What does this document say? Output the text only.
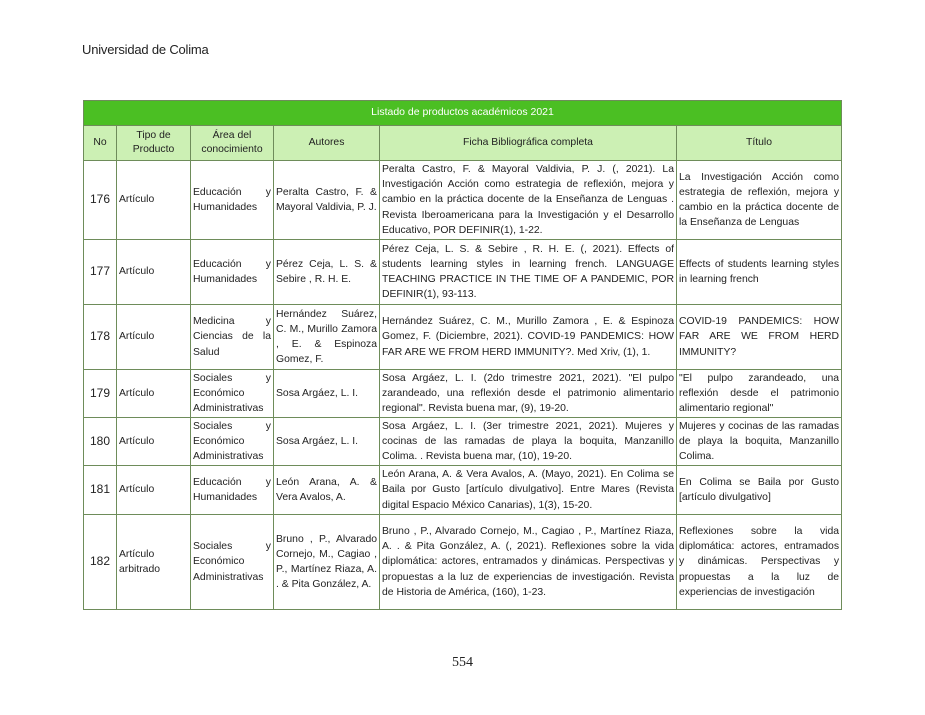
Universidad de Colima
Listado de productos académicos 2021					
No	Tipo de Producto	Área del conocimiento	Autores	Ficha Bibliográfica completa	Título
176	Artículo	Educación y Humanidades	Peralta Castro, F. & Mayoral Valdivia, P. J.	Peralta Castro, F. & Mayoral Valdivia, P. J. (, 2021). La Investigación Acción como estrategia de reflexión, mejora y cambio en la práctica docente de la Enseñanza de Lenguas . Revista Iberoamericana para la Investigación y el Desarrollo Educativo, POR DEFINIR(1), 1-22.	La Investigación Acción como estrategia de reflexión, mejora y cambio en la práctica docente de la Enseñanza de Lenguas
177	Artículo	Educación y Humanidades	Pérez Ceja, L. S. & Sebire , R. H. E.	Pérez Ceja, L. S. & Sebire , R. H. E. (, 2021). Effects of students learning styles in learning french. LANGUAGE TEACHING PRACTICE IN THE TIME OF A PANDEMIC, POR DEFINIR(1), 93-113.	Effects of students learning styles in learning french
178	Artículo	Medicina y Ciencias de la Salud	Hernández Suárez, C. M., Murillo Zamora , E. & Espinoza Gomez, F.	Hernández Suárez, C. M., Murillo Zamora , E. & Espinoza Gomez, F. (Diciembre, 2021). COVID-19 PANDEMICS: HOW FAR ARE WE FROM HERD IMMUNITY?. Med Xriv, (1), 1.	COVID-19 PANDEMICS: HOW FAR ARE WE FROM HERD IMMUNITY?
179	Artículo	Sociales y Económico Administrativas	Sosa Argáez, L. I.	Sosa Argáez, L. I. (2do trimestre 2021, 2021). "El pulpo zarandeado, una reflexión desde el patrimonio alimentario regional". Revista buena mar, (9), 19-20.	"El pulpo zarandeado, una reflexión desde el patrimonio alimentario regional"
180	Artículo	Sociales y Económico Administrativas	Sosa Argáez, L. I.	Sosa Argáez, L. I. (3er trimestre 2021, 2021). Mujeres y cocinas de las ramadas de playa la boquita, Manzanillo Colima. . Revista buena mar, (10), 19-20.	Mujeres y cocinas de las ramadas de playa la boquita, Manzanillo Colima.
181	Artículo	Educación y Humanidades	León Arana, A. & Vera Avalos, A.	León Arana, A. & Vera Avalos, A. (Mayo, 2021). En Colima se Baila por Gusto [artículo divulgativo]. Entre Mares (Revista digital Espacio México Canarias), 1(3), 15-20.	En Colima se Baila por Gusto [artículo divulgativo]
182	Artículo arbitrado	Sociales y Económico Administrativas	Bruno , P., Alvarado Cornejo, M., Cagiao , P., Martínez Riaza, A. . & Pita González, A.	Bruno , P., Alvarado Cornejo, M., Cagiao , P., Martínez Riaza, A. . & Pita González, A. (, 2021). Reflexiones sobre la vida diplomática: actores, entramados y dinámicas. Perspectivas y propuestas a la luz de experiencias de investigación. Revista de Historia de América, (160), 1-23.	Reflexiones sobre la vida diplomática: actores, entramados y dinámicas. Perspectivas y propuestas a la luz de experiencias de investigación
554
